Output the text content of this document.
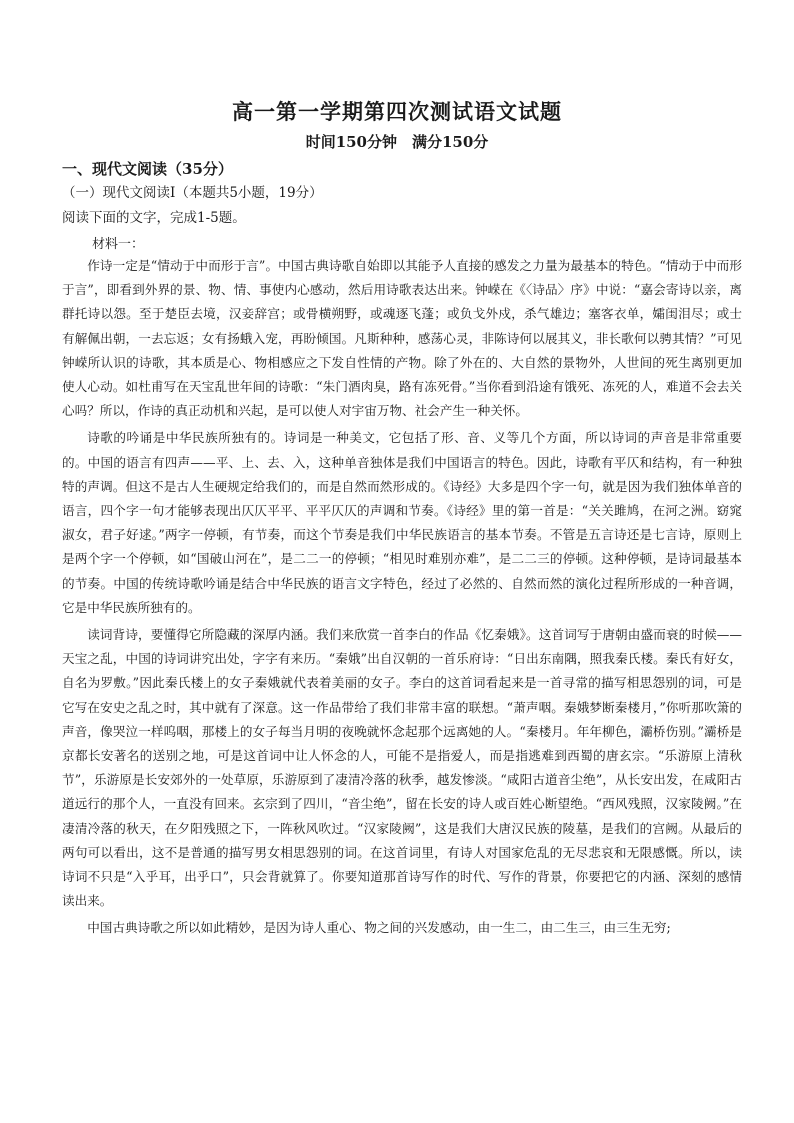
高一第一学期第四次测试语文试题
时间150分钟　满分150分
一、现代文阅读（35分）
（一）现代文阅读Ⅰ（本题共5小题，19分）
阅读下面的文字，完成1-5题。
材料一：

作诗一定是“情动于中而形于言”。中国古典诗歌自始即以其能予人直接的感发之力量为最基本的特色。“情动于中而形于言”，即看到外界的景、物、情、事使内心感动，然后用诗歌表达出来。钟嵘在《〈诗品〉序》中说：“嘉会寄诗以亲，离群托诗以怨。至于楚臣去境，汉妾辞宫；或骨横朔野，或魂逐飞蓬；或负戈外戍，杀气雄边；塞客衣单，孀闺泪尽；或士有解佩出朝，一去忘返；女有扬蛾入宠，再盼倾国。凡斯种种，感荡心灵，非陈诗何以展其义，非长歌何以骋其情？”可见钟嵘所认识的诗歌，其本质是心、物相感应之下发自性情的产物。除了外在的、大自然的景物外，人世间的死生离别更加使人心动。如杜甫写在天宝乱世年间的诗歌：“朱门酒肉臭，路有冻死骨。”当你看到沿途有饿死、冻死的人，难道不会去关心吗？所以，作诗的真正动机和兴起，是可以使人对宇宙万物、社会产生一种关怀。

诗歌的吟诵是中华民族所独有的。诗词是一种美文，它包括了形、音、义等几个方面，所以诗词的声音是非常重要的。中国的语言有四声——平、上、去、入，这种单音独体是我们中国语言的特色。因此，诗歌有平仄和结构，有一种独特的声调。但这不是古人生硬规定给我们的，而是自然而然形成的。《诗经》大多是四个字一句，就是因为我们独体单音的语言，四个字一句才能够表现出仄仄平平、平平仄仄的声调和节奏。《诗经》里的第一首是：“关关雎鸠，在河之洲。窈窕淑女，君子好逑。”两字一停顿，有节奏，而这个节奏是我们中华民族语言的基本节奏。不管是五言诗还是七言诗，原则上是两个字一个停顿，如“国破山河在”，是二二一的停顿；“相见时难别亦难”，是二二三的停顿。这种停顿，是诗词最基本的节奏。中国的传统诗歌吟诵是结合中华民族的语言文字特色，经过了必然的、自然而然的演化过程所形成的一种音调，它是中华民族所独有的。

读词背诗，要懂得它所隐藏的深厚内涵。我们来欣赏一首李白的作品《忆秦娥》。这首词写于唐朝由盛而衰的时候——天宝之乱，中国的诗词讲究出处，字字有来历。“秦娥”出自汉朝的一首乐府诗：“日出东南隅，照我秦氏楼。秦氏有好女，自名为罗敷。”因此秦氏楼上的女子秦娥就代表着美丽的女子。李白的这首词看起来是一首寻常的描写相思怨别的词，可是它写在安史之乱之时，其中就有了深意。这一作品带给了我们非常丰富的联想。“萧声咽。秦娥梦断秦楼月，”你听那吹箫的声音，像哭泣一样呜咽，那楼上的女子每当月明的夜晚就怀念起那个远离她的人。“秦楼月。年年柳色，灞桥伤别。”灞桥是京都长安著名的送别之地，可是这首词中让人怀念的人，可能不是指爱人，而是指逃难到西蜀的唐玄宗。“乐游原上清秋节”，乐游原是长安郊外的一处草原，乐游原到了凄清冷落的秋季，越发惨淡。“咸阳古道音尘绝”，从长安出发，在咸阳古道远行的那个人，一直没有回来。玄宗到了四川，“音尘绝”，留在长安的诗人或百姓心断望绝。“西风残照，汉家陵阙。”在凄清冷落的秋天，在夕阳残照之下，一阵秋风吹过。“汉家陵阙”，这是我们大唐汉民族的陵墓，是我们的宫阙。从最后的两句可以看出，这不是普通的描写男女相思怨别的词。在这首词里，有诗人对国家危乱的无尽悲哀和无限感慨。所以，读诗词不只是“入乎耳，出乎口”，只会背就算了。你要知道那首诗写作的时代、写作的背景，你要把它的内涵、深刻的感情读出来。

中国古典诗歌之所以如此精妙，是因为诗人重心、物之间的兴发感动，由一生二，由二生三，由三生无穷;
